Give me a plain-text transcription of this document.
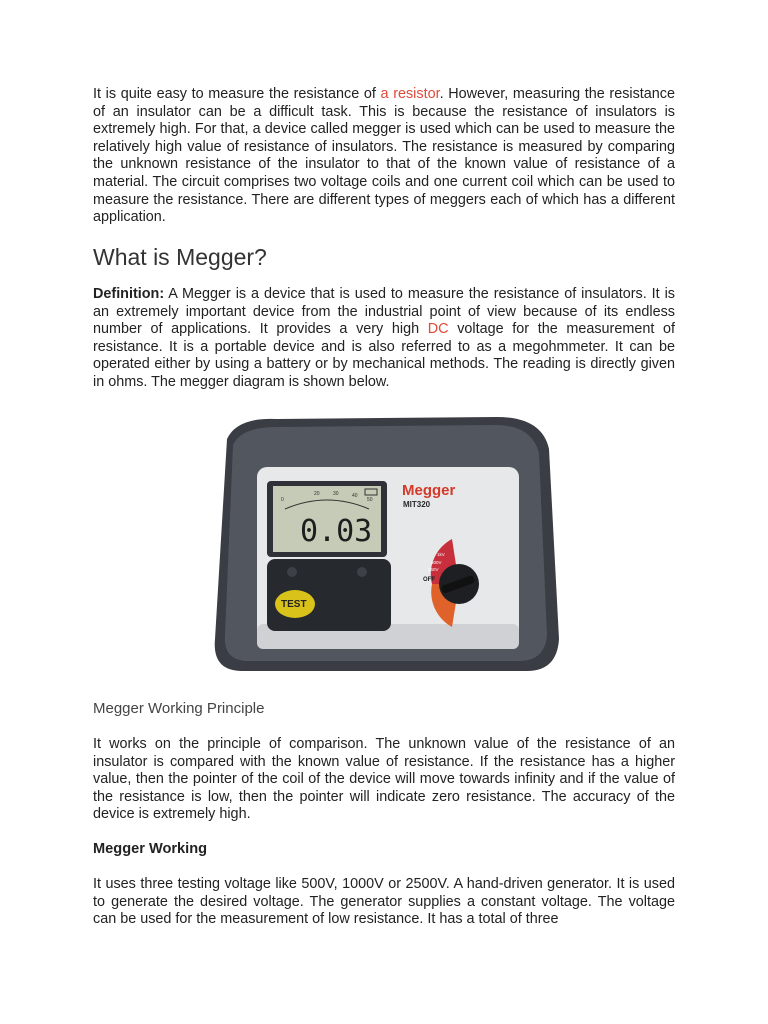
It is quite easy to measure the resistance of a resistor. However, measuring the resistance of an insulator can be a difficult task. This is because the resistance of insulators is extremely high. For that, a device called megger is used which can be used to measure the relatively high value of resistance of insulators. The resistance is measured by comparing the unknown resistance of the insulator to that of the known value of resistance of a material. The circuit comprises two voltage coils and one current coil which can be used to measure the resistance. There are different types of meggers each of which has a different application.

What is Megger?

Definition: A Megger is a device that is used to measure the resistance of insulators. It is an extremely important device from the industrial point of view because of its endless number of applications. It provides a very high DC voltage for the measurement of resistance. It is a portable device and is also referred to as a megohmmeter. It can be operated either by using a battery or by mechanical methods. The reading is directly given in ohms. The megger diagram is shown below.

Megger Working Principle

It works on the principle of comparison. The unknown value of the resistance of an insulator is compared with the known value of resistance. If the resistance has a higher value, then the pointer of the coil of the device will move towards infinity and if the value of the resistance is low, then the pointer will indicate zero resistance. The accuracy of the device is extremely high.

Megger Working

It uses three testing voltage like 500V, 1000V or 2500V. A hand-driven generator. It is used to generate the desired voltage. The generator supplies a constant voltage. The voltage can be used for the measurement of low resistance. It has a total of three

0
20	30	40
50
0.03
Megger
MIT320
TEST
OFF
1kV
500V
250V
